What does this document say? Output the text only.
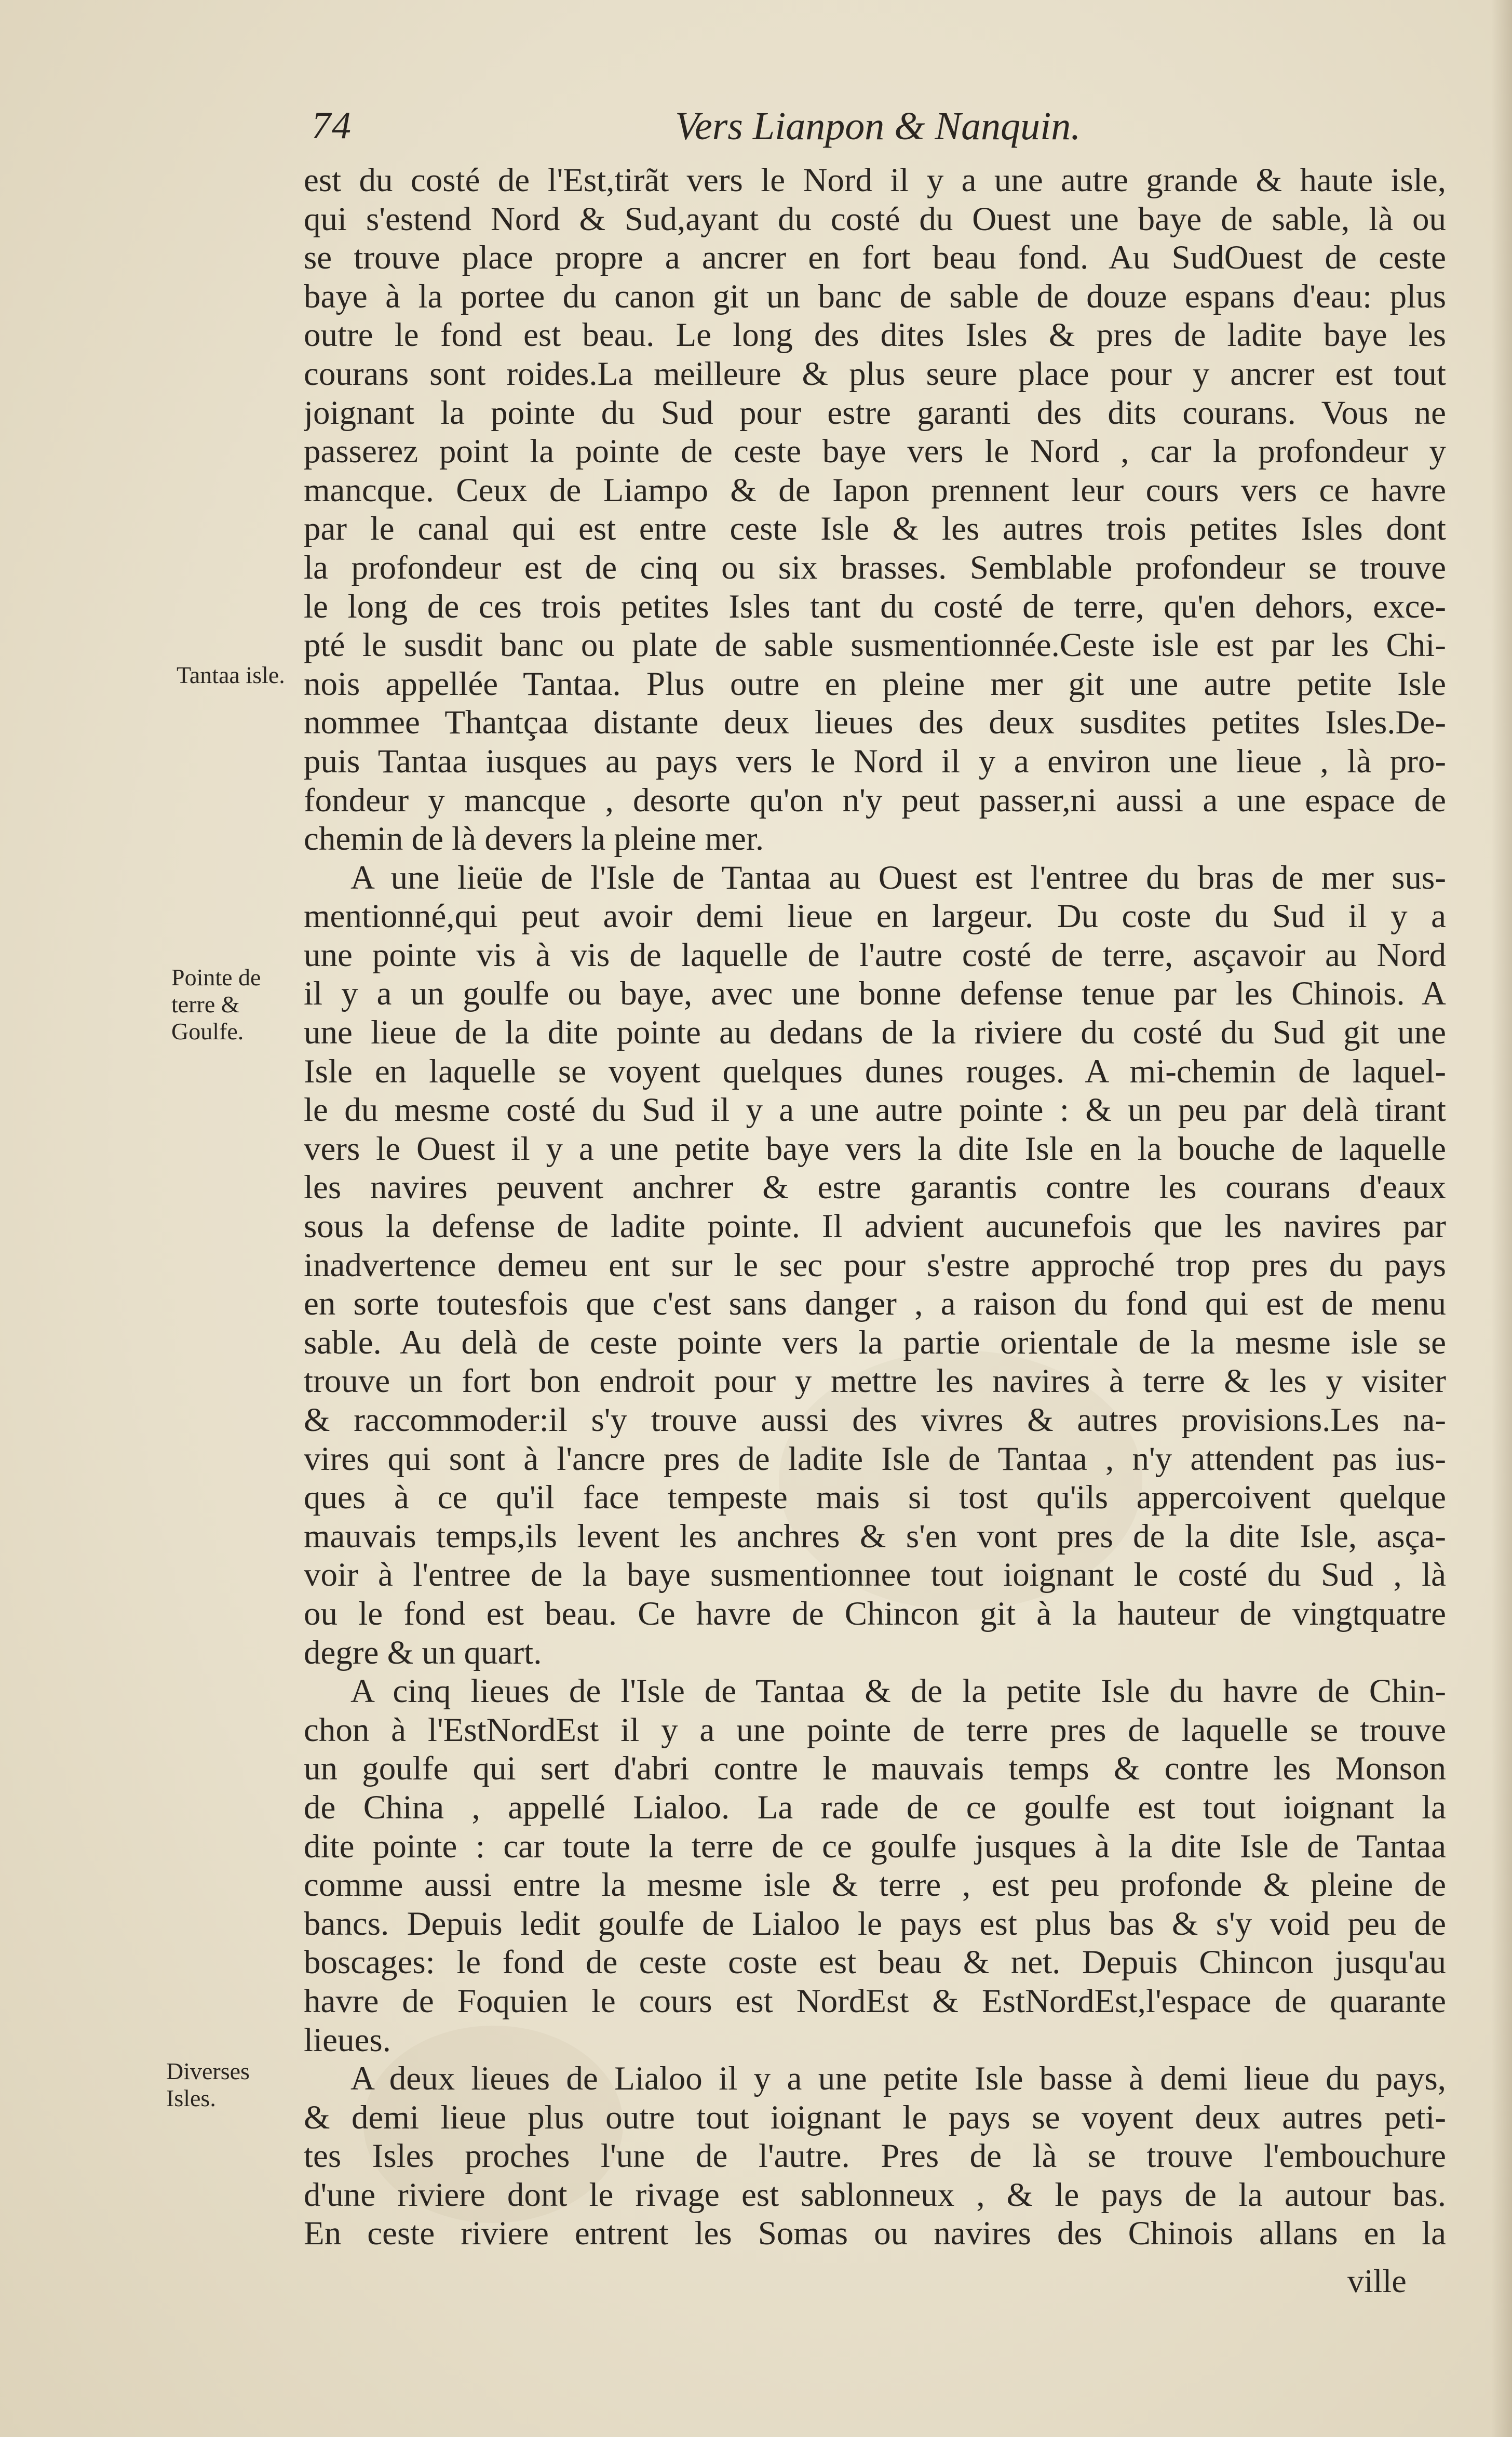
74	Vers Lianpon & Nanquin.
Tantaa isle.
Pointe de
terre &
Goulfe.
Diverses
Isles.
est du costé de l'Est,tirãt vers le Nord il y a une autre grande & haute isle,
qui s'estend Nord & Sud,ayant du costé du Ouest une baye de sable, là ou
se trouve place propre a ancrer en fort beau fond. Au SudOuest de ceste
baye à la portee du canon git un banc de sable de douze espans d'eau: plus
outre le fond est beau. Le long des dites Isles & pres de ladite baye les
courans sont roides.La meilleure & plus seure place pour y ancrer est tout
joignant la pointe du Sud pour estre garanti des dits courans. Vous ne
passerez point la pointe de ceste baye vers le Nord , car la profondeur y
mancque. Ceux de Liampo & de Iapon prennent leur cours vers ce havre
par le canal qui est entre ceste Isle & les autres trois petites Isles dont
la profondeur est de cinq ou six brasses. Semblable profondeur se trouve
le long de ces trois petites Isles tant du costé de terre, qu'en dehors, exce-
pté le susdit banc ou plate de sable susmentionnée.Ceste isle est par les Chi-
nois appellée Tantaa. Plus outre en pleine mer git une autre petite Isle
nommee Thantçaa distante deux lieues des deux susdites petites Isles.De-
puis Tantaa iusques au pays vers le Nord il y a environ une lieue , là pro-
fondeur y mancque , desorte qu'on n'y peut passer,ni aussi a une espace de
chemin de là devers la pleine mer.
A une lieüe de l'Isle de Tantaa au Ouest est l'entree du bras de mer sus-
mentionné,qui peut avoir demi lieue en largeur. Du coste du Sud il y a
une pointe vis à vis de laquelle de l'autre costé de terre, asçavoir au Nord
il y a un goulfe ou baye, avec une bonne defense tenue par les Chinois. A
une lieue de la dite pointe au dedans de la riviere du costé du Sud git une
Isle en laquelle se voyent quelques dunes rouges. A mi-chemin de laquel-
le du mesme costé du Sud il y a une autre pointe : & un peu par delà tirant
vers le Ouest il y a une petite baye vers la dite Isle en la bouche de laquelle
les navires peuvent anchrer & estre garantis contre les courans d'eaux
sous la defense de ladite pointe. Il advient aucunefois que les navires par
inadvertence demeu ent sur le sec pour s'estre approché trop pres du pays
en sorte toutesfois que c'est sans danger , a raison du fond qui est de menu
sable. Au delà de ceste pointe vers la partie orientale de la mesme isle se
trouve un fort bon endroit pour y mettre les navires à terre & les y visiter
& raccommoder:il s'y trouve aussi des vivres & autres provisions.Les na-
vires qui sont à l'ancre pres de ladite Isle de Tantaa , n'y attendent pas ius-
ques à ce qu'il face tempeste mais si tost qu'ils appercoivent quelque
mauvais temps,ils levent les anchres & s'en vont pres de la dite Isle, asça-
voir à l'entree de la baye susmentionnee tout ioignant le costé du Sud , là
ou le fond est beau. Ce havre de Chincon git à la hauteur de vingtquatre
degre & un quart.
A cinq lieues de l'Isle de Tantaa & de la petite Isle du havre de Chin-
chon à l'EstNordEst il y a une pointe de terre pres de laquelle se trouve
un goulfe qui sert d'abri contre le mauvais temps & contre les Monson
de China , appellé Lialoo. La rade de ce goulfe est tout ioignant la
dite pointe : car toute la terre de ce goulfe jusques à la dite Isle de Tantaa
comme aussi entre la mesme isle & terre , est peu profonde & pleine de
bancs. Depuis ledit goulfe de Lialoo le pays est plus bas & s'y void peu de
boscages: le fond de ceste coste est beau & net. Depuis Chincon jusqu'au
havre de Foquien le cours est NordEst & EstNordEst,l'espace de quarante
lieues.
A deux lieues de Lialoo il y a une petite Isle basse à demi lieue du pays,
& demi lieue plus outre tout ioignant le pays se voyent deux autres peti-
tes Isles proches l'une de l'autre. Pres de là se trouve l'embouchure
d'une riviere dont le rivage est sablonneux , & le pays de la autour bas.
En ceste riviere entrent les Somas ou navires des Chinois allans en la
ville
